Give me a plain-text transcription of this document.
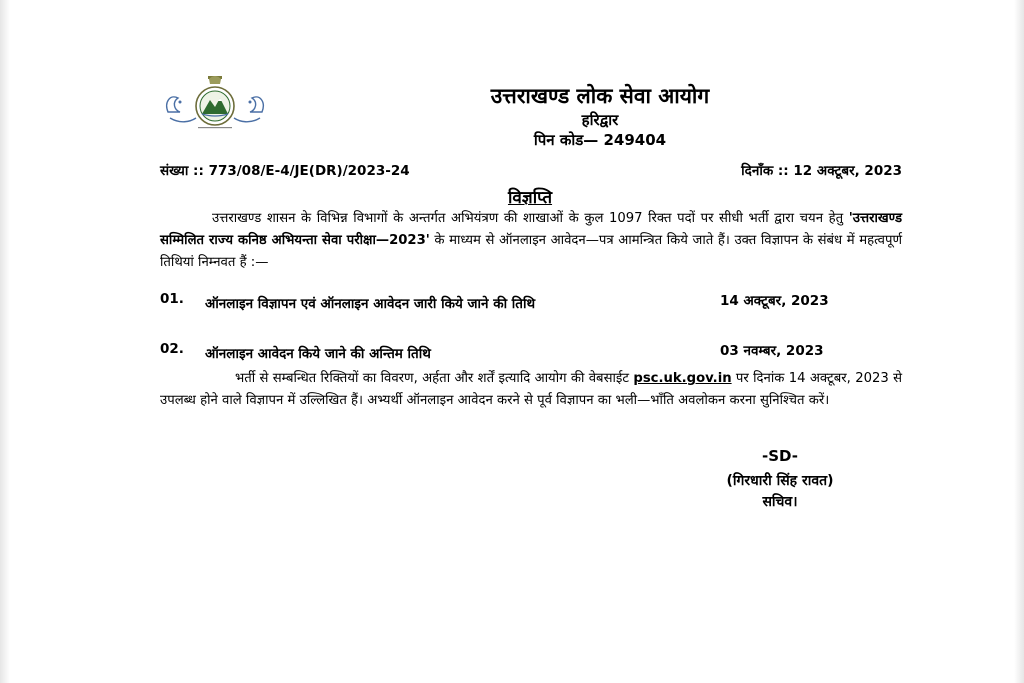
उत्तराखण्ड लोक सेवा आयोग
हरिद्वार
पिन कोड— 249404
संख्या :: 773/08/E-4/JE(DR)/2023-24	दिनाँक :: 12 अक्टूबर, 2023
विज्ञप्ति
उत्तराखण्ड शासन के विभिन्न विभागों के अन्तर्गत अभियंत्रण की शाखाओं के कुल 1097 रिक्त पदों पर सीधी भर्ती द्वारा चयन हेतु 'उत्तराखण्ड सम्मिलित राज्य कनिष्ठ अभियन्ता सेवा परीक्षा—2023' के माध्यम से ऑनलाइन आवेदन—पत्र आमन्त्रित किये जाते हैं। उक्त विज्ञापन के संबंध में महत्वपूर्ण तिथियां निम्नवत हैं :—
01. ऑनलाइन विज्ञापन एवं ऑनलाइन आवेदन जारी किये जाने की तिथि	14 अक्टूबर, 2023
02. ऑनलाइन आवेदन किये जाने की अन्तिम तिथि	03 नवम्बर, 2023
भर्ती से सम्बन्धित रिक्तियों का विवरण, अर्हता और शर्तें इत्यादि आयोग की वेबसाईट psc.uk.gov.in पर दिनांक 14 अक्टूबर, 2023 से उपलब्ध होने वाले विज्ञापन में उल्लिखित हैं। अभ्यर्थी ऑनलाइन आवेदन करने से पूर्व विज्ञापन का भली—भाँति अवलोकन करना सुनिश्चित करें।
-SD-
(गिरधारी सिंह रावत)
सचिव।
